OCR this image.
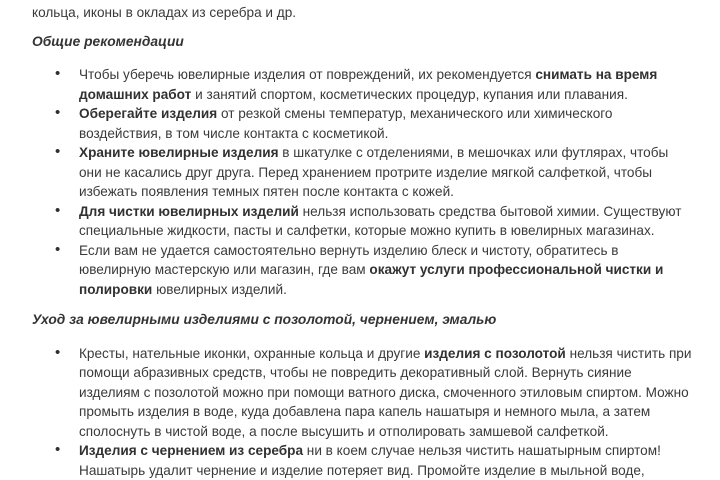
кольца, иконы в окладах из серебра и др.

Общие рекомендации

• Чтобы уберечь ювелирные изделия от повреждений, их рекомендуется снимать на время домашних работ и занятий спортом, косметических процедур, купания или плавания.
• Оберегайте изделия от резкой смены температур, механического или химического воздействия, в том числе контакта с косметикой.
• Храните ювелирные изделия в шкатулке с отделениями, в мешочках или футлярах, чтобы они не касались друг друга. Перед хранением протрите изделие мягкой салфеткой, чтобы избежать появления темных пятен после контакта с кожей.
• Для чистки ювелирных изделий нельзя использовать средства бытовой химии. Существуют специальные жидкости, пасты и салфетки, которые можно купить в ювелирных магазинах.
• Если вам не удается самостоятельно вернуть изделию блеск и чистоту, обратитесь в ювелирную мастерскую или магазин, где вам окажут услуги профессиональной чистки и полировки ювелирных изделий.

Уход за ювелирными изделиями с позолотой, чернением, эмалью

• Кресты, нательные иконки, охранные кольца и другие изделия с позолотой нельзя чистить при помощи абразивных средств, чтобы не повредить декоративный слой. Вернуть сияние изделиям с позолотой можно при помощи ватного диска, смоченного этиловым спиртом. Можно промыть изделия в воде, куда добавлена пара капель нашатыря и немного мыла, а затем сполоснуть в чистой воде, а после высушить и отполировать замшевой салфеткой.
• Изделия с чернением из серебра ни в коем случае нельзя чистить нашатырным спиртом! Нашатырь удалит чернение и изделие потеряет вид. Промойте изделие в мыльной воде,
